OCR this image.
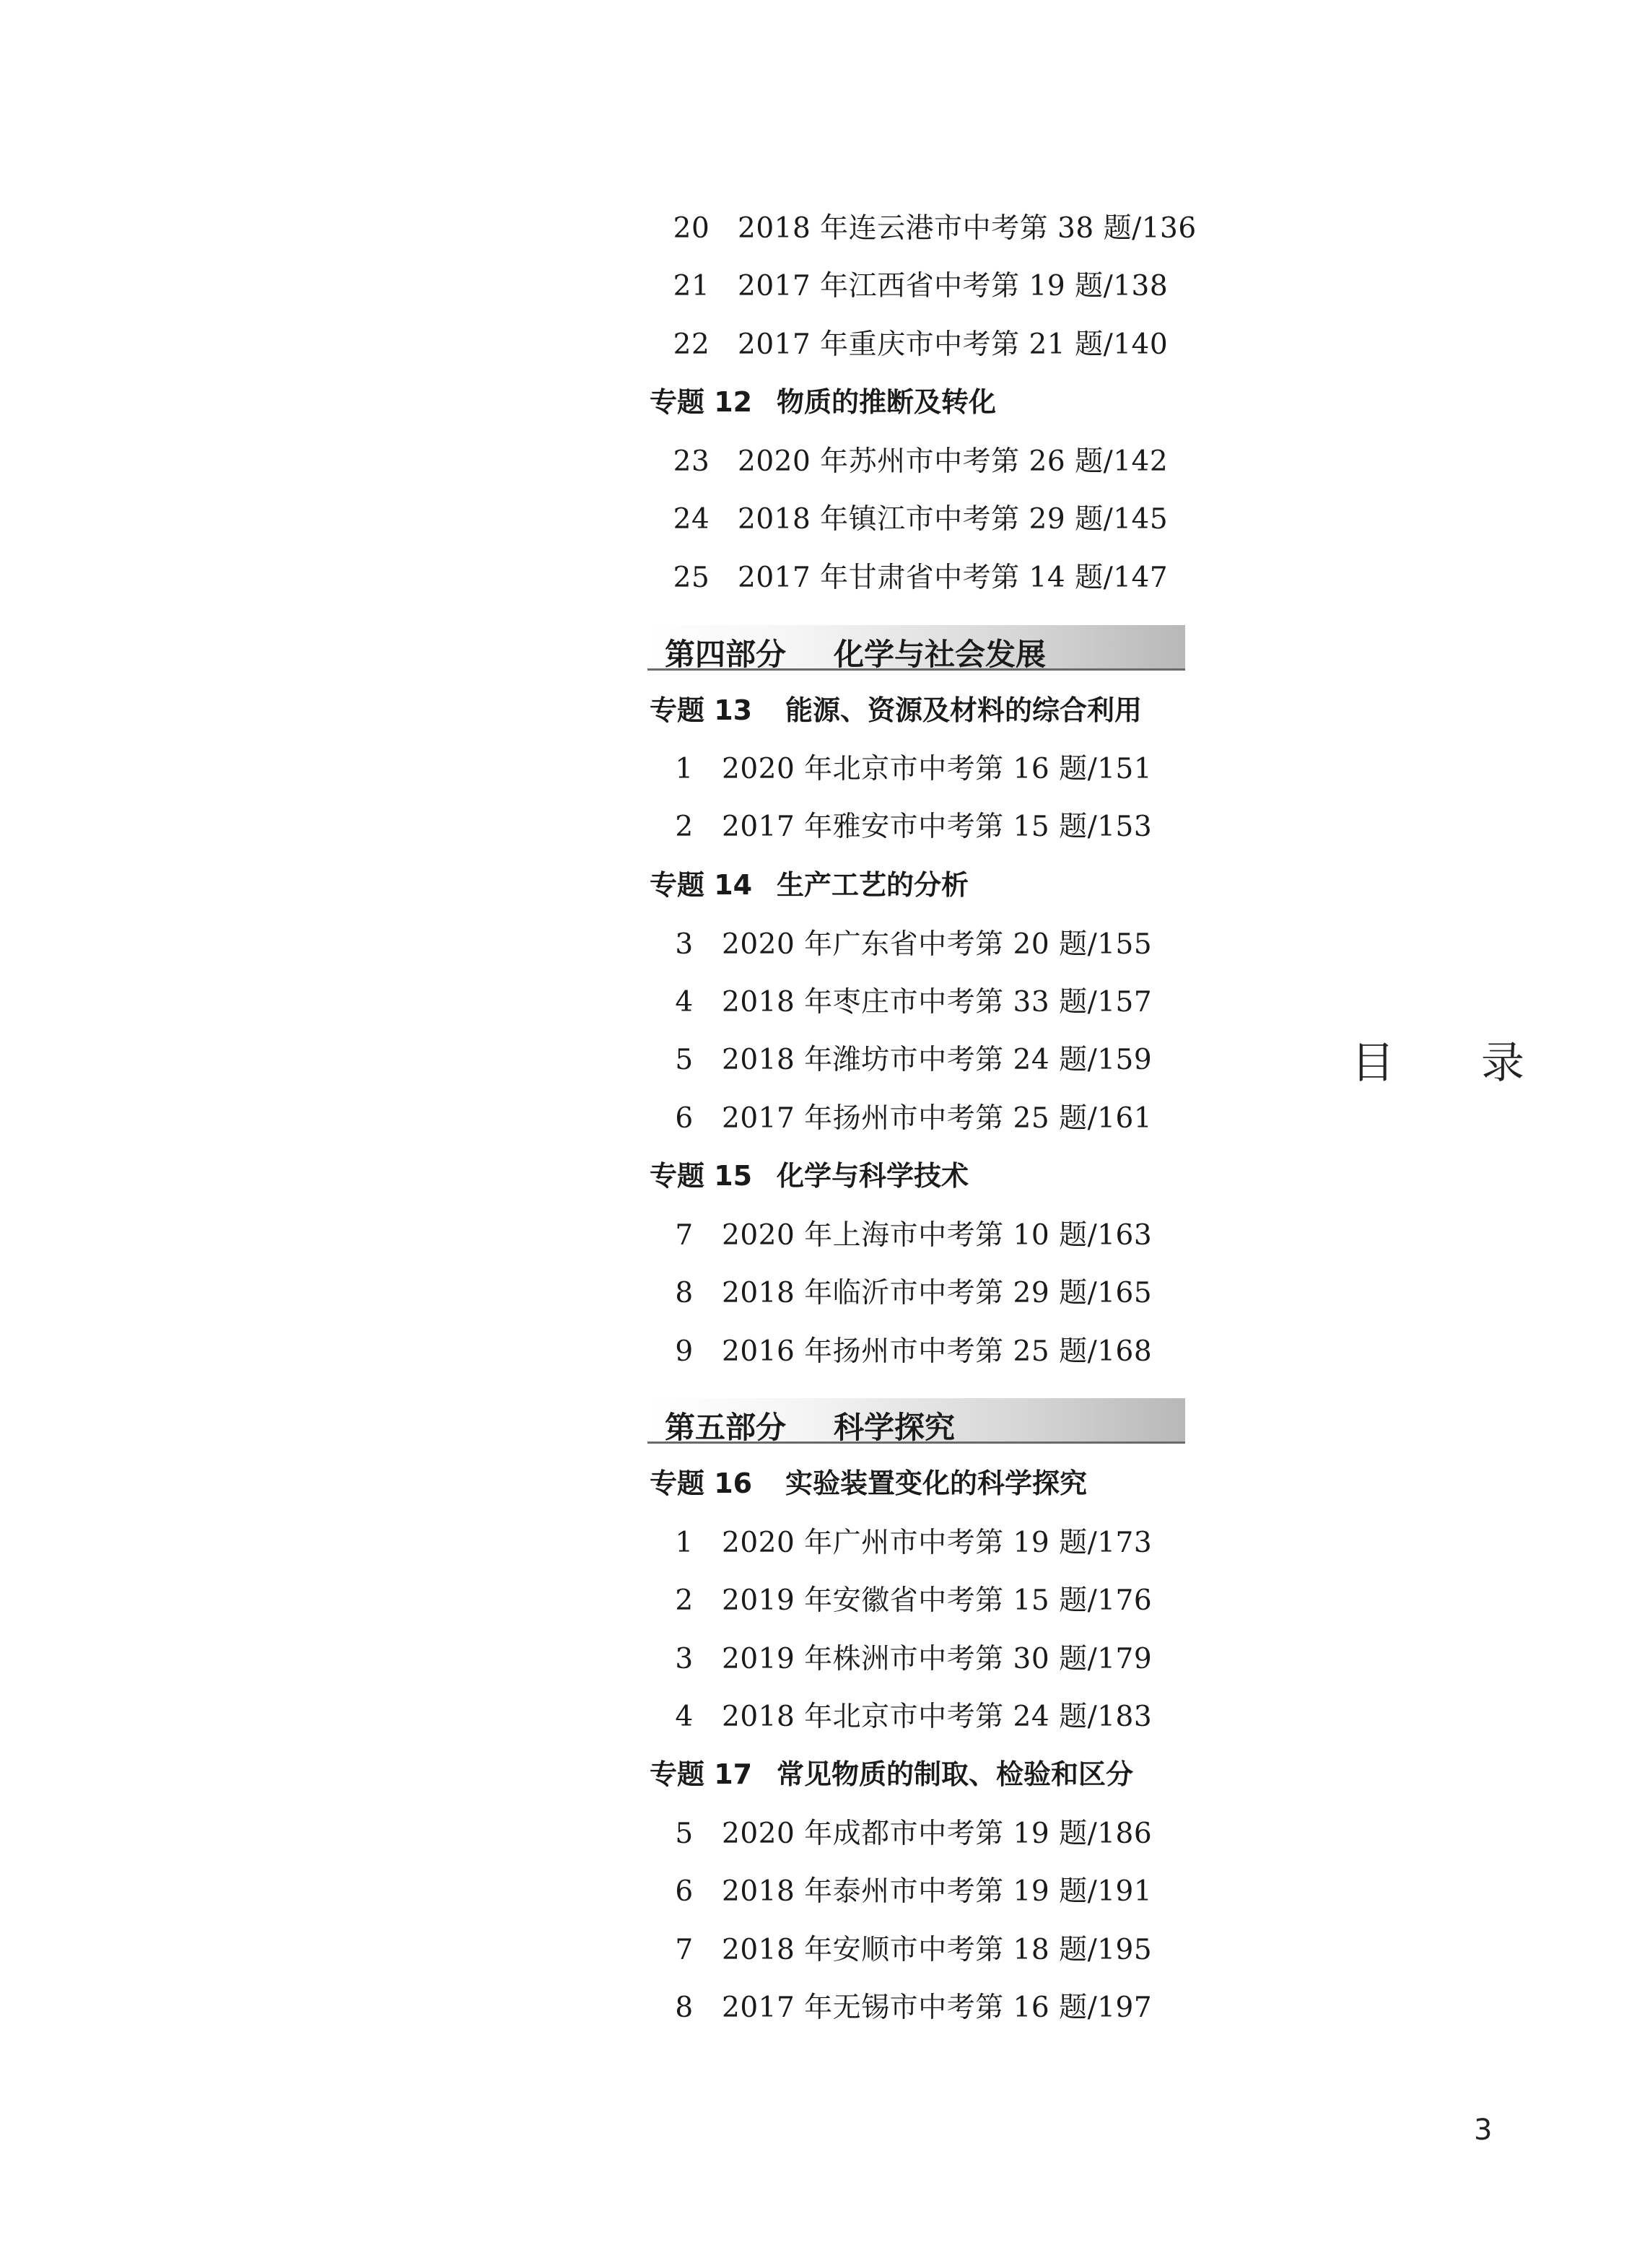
20 2018 年连云港市中考第 38 题/136
21 2017 年江西省中考第 19 题/138
22 2017 年重庆市中考第 21 题/140
专题 12 物质的推断及转化
23 2020 年苏州市中考第 26 题/142
24 2018 年镇江市中考第 29 题/145
25 2017 年甘肃省中考第 14 题/147
第四部分 化学与社会发展
专题 13 能源、资源及材料的综合利用
1	2020 年北京市中考第 16 题/151
2	2017 年雅安市中考第 15 题/153
专题 14 生产工艺的分析
3	2020 年广东省中考第 20 题/155
4	2018 年枣庄市中考第 33 题/157
5	2018 年潍坊市中考第 24 题/159
6	2017 年扬州市中考第 25 题/161
专题 15 化学与科学技术
7	2020 年上海市中考第 10 题/163
8	2018 年临沂市中考第 29 题/165
9	2016 年扬州市中考第 25 题/168
第五部分 科学探究
专题 16 实验装置变化的科学探究
1	2020 年广州市中考第 19 题/173
2	2019 年安徽省中考第 15 题/176
3	2019 年株洲市中考第 30 题/179
4	2018 年北京市中考第 24 题/183
专题 17 常见物质的制取、检验和区分
5	2020 年成都市中考第 19 题/186
6	2018 年泰州市中考第 19 题/191
7	2018 年安顺市中考第 18 题/195
8	2017 年无锡市中考第 16 题/197
目 录
3
